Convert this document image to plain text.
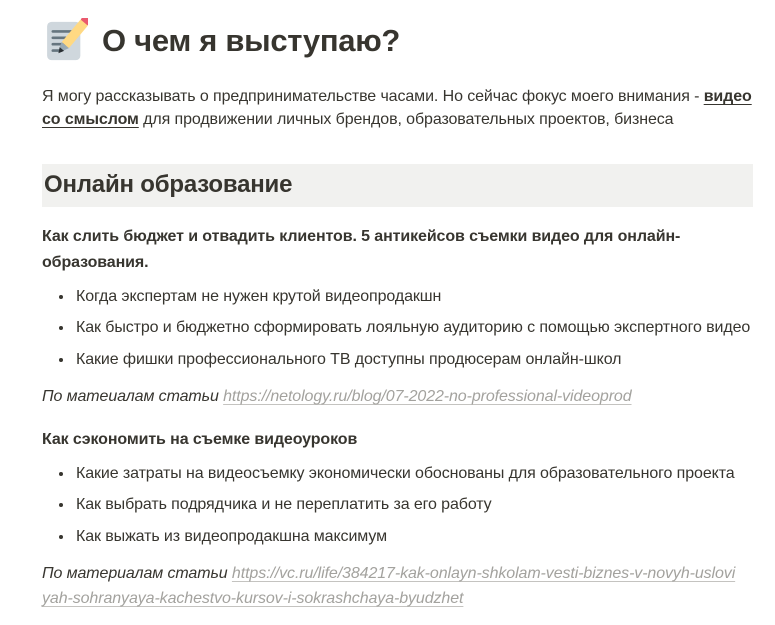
О чем я выступаю?

Я могу рассказывать о предпринимательстве часами. Но сейчас фокус моего внимания - видео со смыслом для продвижении личных брендов, образовательных проектов, бизнеса

Онлайн образование

Как слить бюджет и отвадить клиентов. 5 антикейсов съемки видео для онлайн-образования.

• Когда экспертам не нужен крутой видеопродакшн
• Как быстро и бюджетно сформировать лояльную аудиторию с помощью экспертного видео
• Какие фишки профессионального ТВ доступны продюсерам онлайн-школ

По матеиалам статьи https://netology.ru/blog/07-2022-no-professional-videoprod

Как сэкономить на съемке видеоуроков

• Какие затраты на видеосъемку экономически обоснованы для образовательного проекта
• Как выбрать подрядчика и не переплатить за его работу
• Как выжать из видеопродакшна максимум

По материалам статьи https://vc.ru/life/384217-kak-onlayn-shkolam-vesti-biznes-v-novyh-usloviyah-sohranyaya-kachestvo-kursov-i-sokrashchaya-byudzhet
